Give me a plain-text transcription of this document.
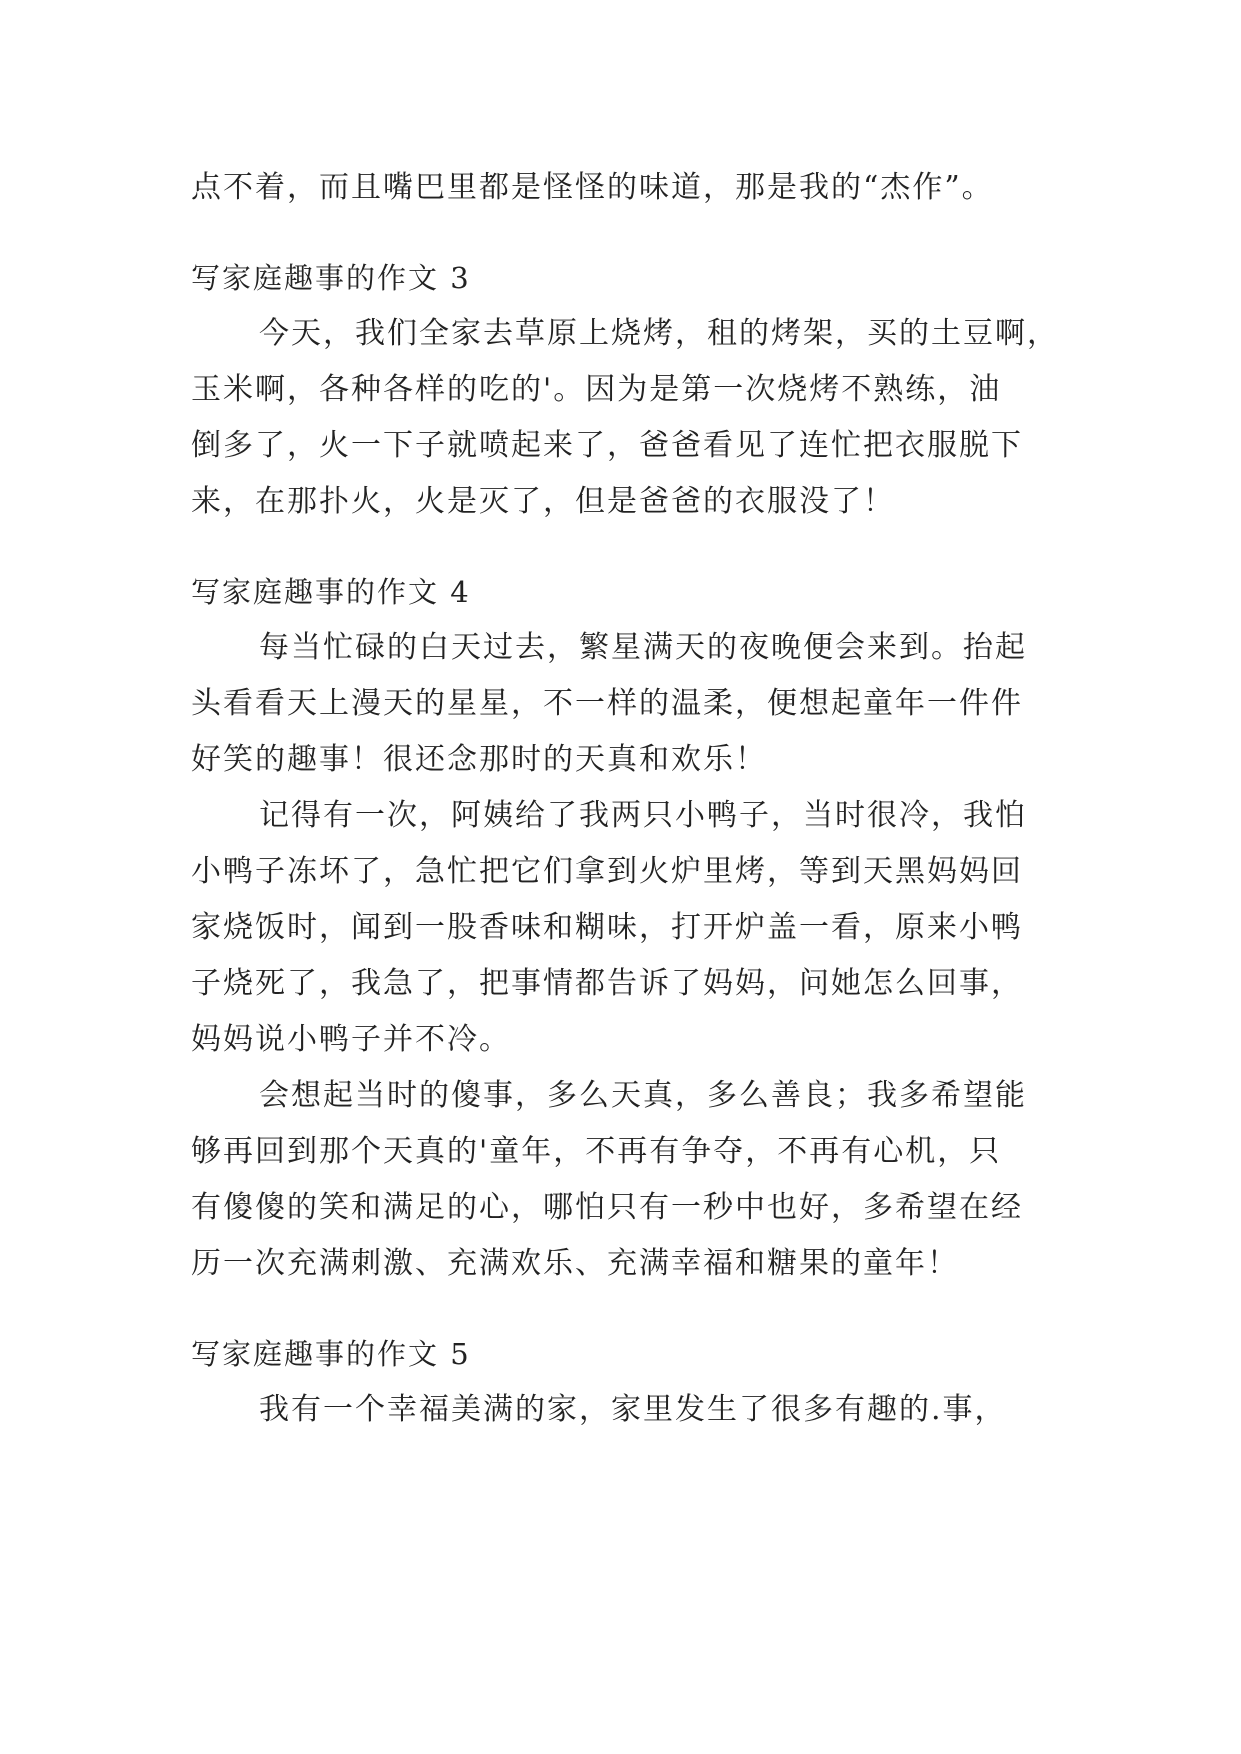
点不着，而且嘴巴里都是怪怪的味道，那是我的“杰作”。
写家庭趣事的作文 3
今天，我们全家去草原上烧烤，租的烤架，买的土豆啊，
玉米啊，各种各样的吃的'。因为是第一次烧烤不熟练，油
倒多了，火一下子就喷起来了，爸爸看见了连忙把衣服脱下
来，在那扑火，火是灭了，但是爸爸的衣服没了！
写家庭趣事的作文 4
每当忙碌的白天过去，繁星满天的夜晚便会来到。抬起
头看看天上漫天的星星，不一样的温柔，便想起童年一件件
好笑的趣事！很还念那时的天真和欢乐！
记得有一次，阿姨给了我两只小鸭子，当时很冷，我怕
小鸭子冻坏了，急忙把它们拿到火炉里烤，等到天黑妈妈回
家烧饭时，闻到一股香味和糊味，打开炉盖一看，原来小鸭
子烧死了，我急了，把事情都告诉了妈妈，问她怎么回事，
妈妈说小鸭子并不冷。
会想起当时的傻事，多么天真，多么善良；我多希望能
够再回到那个天真的'童年，不再有争夺，不再有心机，只
有傻傻的笑和满足的心，哪怕只有一秒中也好，多希望在经
历一次充满刺激、充满欢乐、充满幸福和糖果的童年！
写家庭趣事的作文 5
我有一个幸福美满的家，家里发生了很多有趣的.事，
